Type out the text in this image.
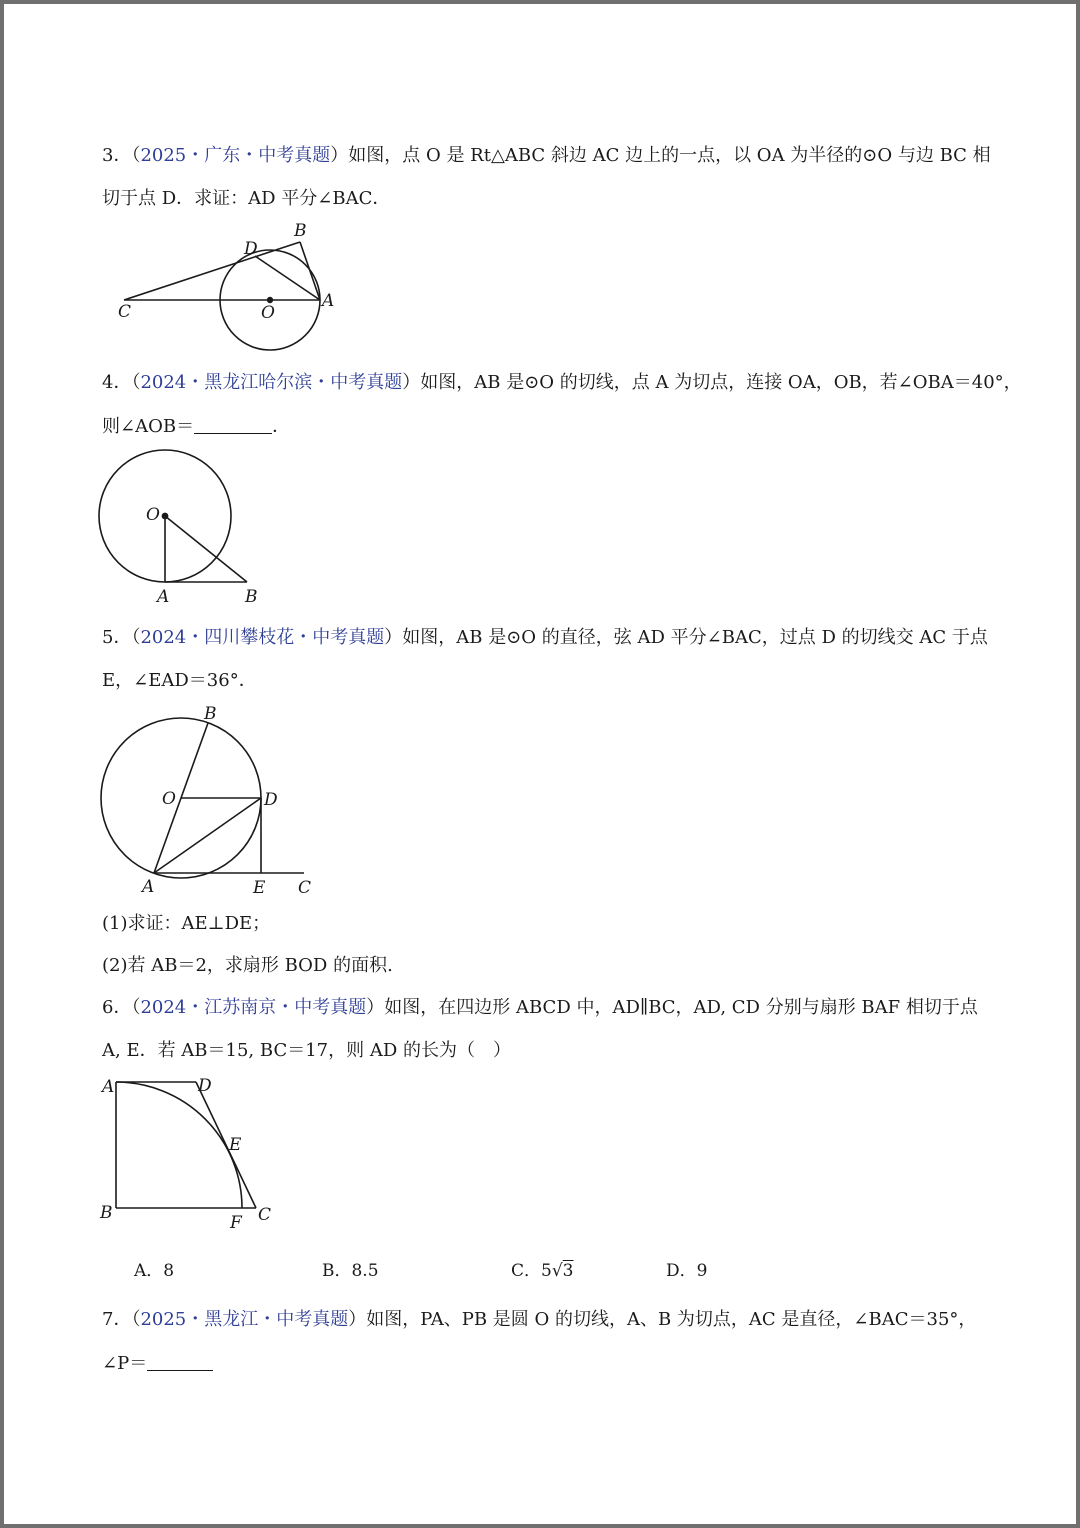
3．（2025・广东・中考真题）如图，点 O 是 Rt△ABC 斜边 AC 边上的一点，以 OA 为半径的⊙O 与边 BC 相
切于点 D．求证：AD 平分∠BAC．
C
D
B
O
A
O
A	B
B
O	D
A	E C
A	D
E
B	F C
4．（2024・黑龙江哈尔滨・中考真题）如图，AB 是⊙O 的切线，点 A 为切点，连接 OA，OB，若∠OBA＝40°，
则∠AOB＝	．
5．（2024・四川攀枝花・中考真题）如图，AB 是⊙O 的直径，弦 AD 平分∠BAC，过点 D 的切线交 AC 于点
E，∠EAD＝36°．
(1)求证：AE⊥DE；
(2)若 AB＝2，求扇形 BOD 的面积.
6．（2024・江苏南京・中考真题）如图，在四边形 ABCD 中，AD∥BC，AD, CD 分别与扇形 BAF 相切于点
A, E．若 AB＝15, BC＝17，则 AD 的长为（　）
A．8	B．8.5	C．5√3	D．9
7．（2025・黑龙江・中考真题）如图，PA、PB 是圆 O 的切线，A、B 为切点，AC 是直径，∠BAC＝35°，
∠P＝
